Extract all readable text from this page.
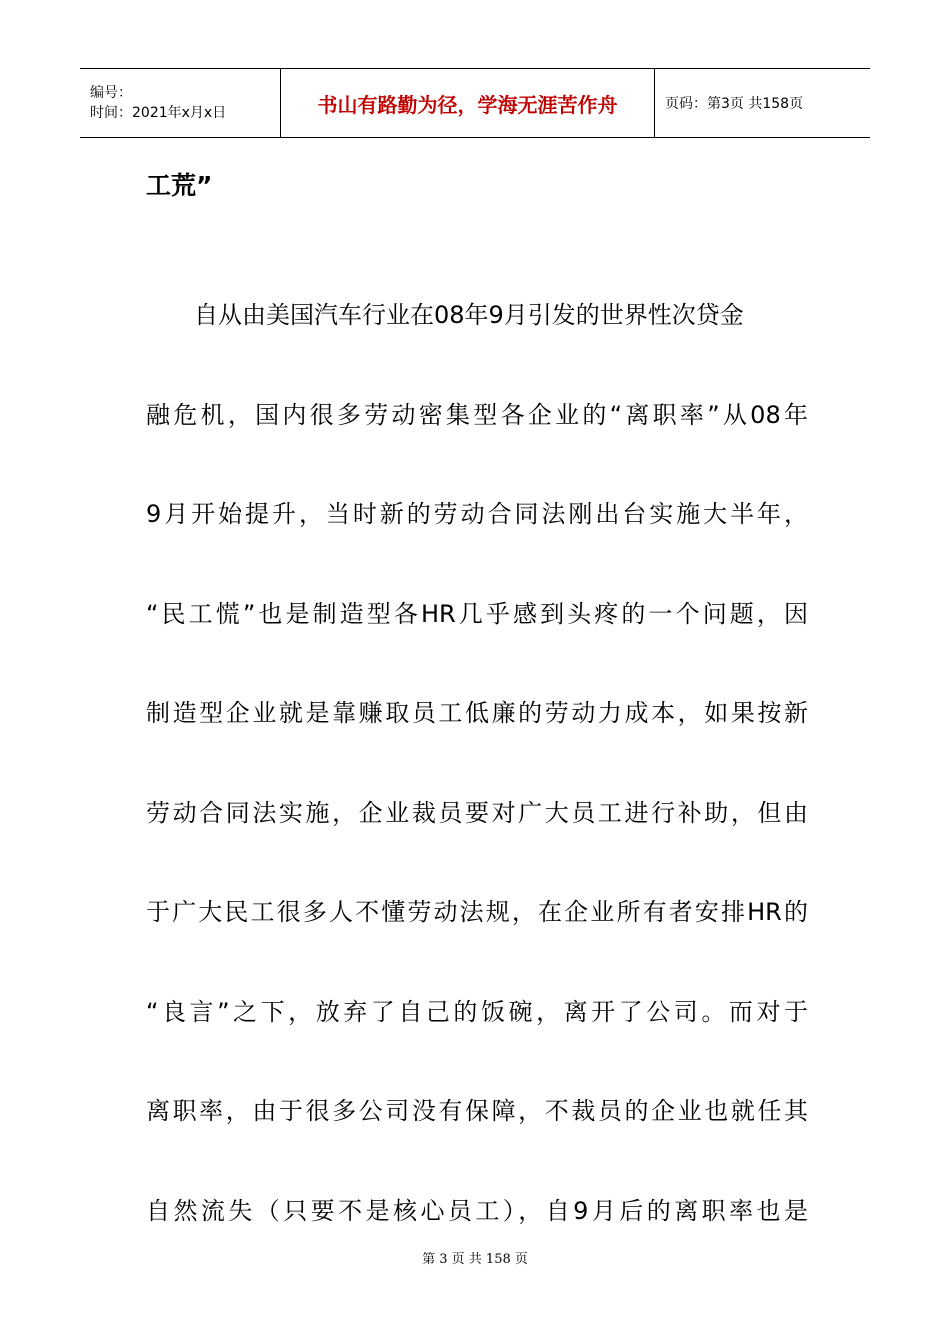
编号：
时间：2021年x月x日	书山有路勤为径，学海无涯苦作舟	页码：第3页 共158页
工荒”
自从由美国汽车行业在08年9月引发的世界性次贷金
融危机，国内很多劳动密集型各企业的“离职率”从08年
9月开始提升，当时新的劳动合同法刚出台实施大半年，
“民工慌”也是制造型各HR几乎感到头疼的一个问题，因
制造型企业就是靠赚取员工低廉的劳动力成本，如果按新
劳动合同法实施，企业裁员要对广大员工进行补助，但由
于广大民工很多人不懂劳动法规，在企业所有者安排HR的
“良言”之下，放弃了自己的饭碗，离开了公司。而对于
离职率，由于很多公司没有保障，不裁员的企业也就任其
自然流失（只要不是核心员工），自9月后的离职率也是
第 3 页 共 158 页
